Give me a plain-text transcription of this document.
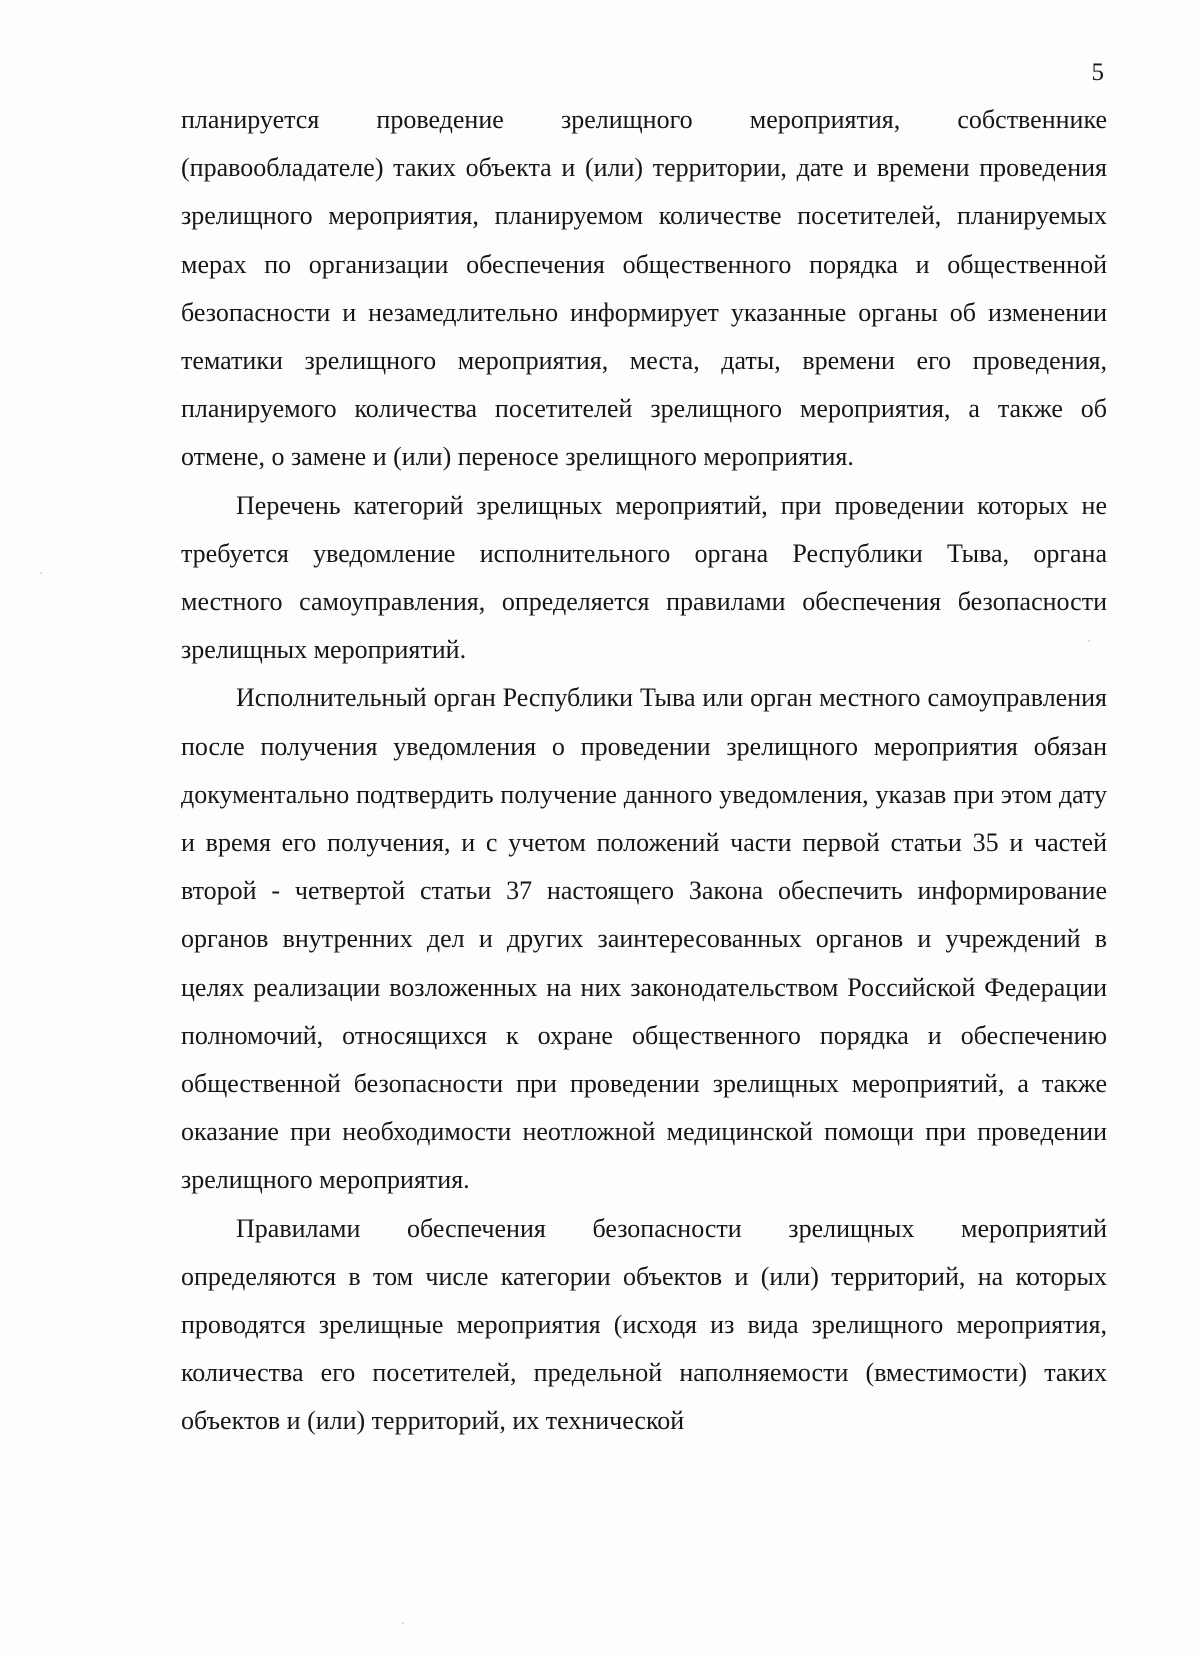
5

планируется проведение зрелищного мероприятия, собственнике (правообладателе) таких объекта и (или) территории, дате и времени проведения зрелищного мероприятия, планируемом количестве посетителей, планируемых мерах по организации обеспечения общественного порядка и общественной безопасности и незамедлительно информирует указанные органы об изменении тематики зрелищного мероприятия, места, даты, времени его проведения, планируемого количества посетителей зрелищного мероприятия, а также об отмене, о замене и (или) переносе зрелищного мероприятия.

Перечень категорий зрелищных мероприятий, при проведении которых не требуется уведомление исполнительного органа Республики Тыва, органа местного самоуправления, определяется правилами обеспечения безопасности зрелищных мероприятий.

Исполнительный орган Республики Тыва или орган местного самоуправления после получения уведомления о проведении зрелищного мероприятия обязан документально подтвердить получение данного уведомления, указав при этом дату и время его получения, и с учетом положений части первой статьи 35 и частей второй - четвертой статьи 37 настоящего Закона обеспечить информирование органов внутренних дел и других заинтересованных органов и учреждений в целях реализации возложенных на них законодательством Российской Федерации полномочий, относящихся к охране общественного порядка и обеспечению общественной безопасности при проведении зрелищных мероприятий, а также оказание при необходимости неотложной медицинской помощи при проведении зрелищного мероприятия.

Правилами обеспечения безопасности зрелищных мероприятий определяются в том числе категории объектов и (или) территорий, на которых проводятся зрелищные мероприятия (исходя из вида зрелищного мероприятия, количества его посетителей, предельной наполняемости (вместимости) таких объектов и (или) территорий, их технической
